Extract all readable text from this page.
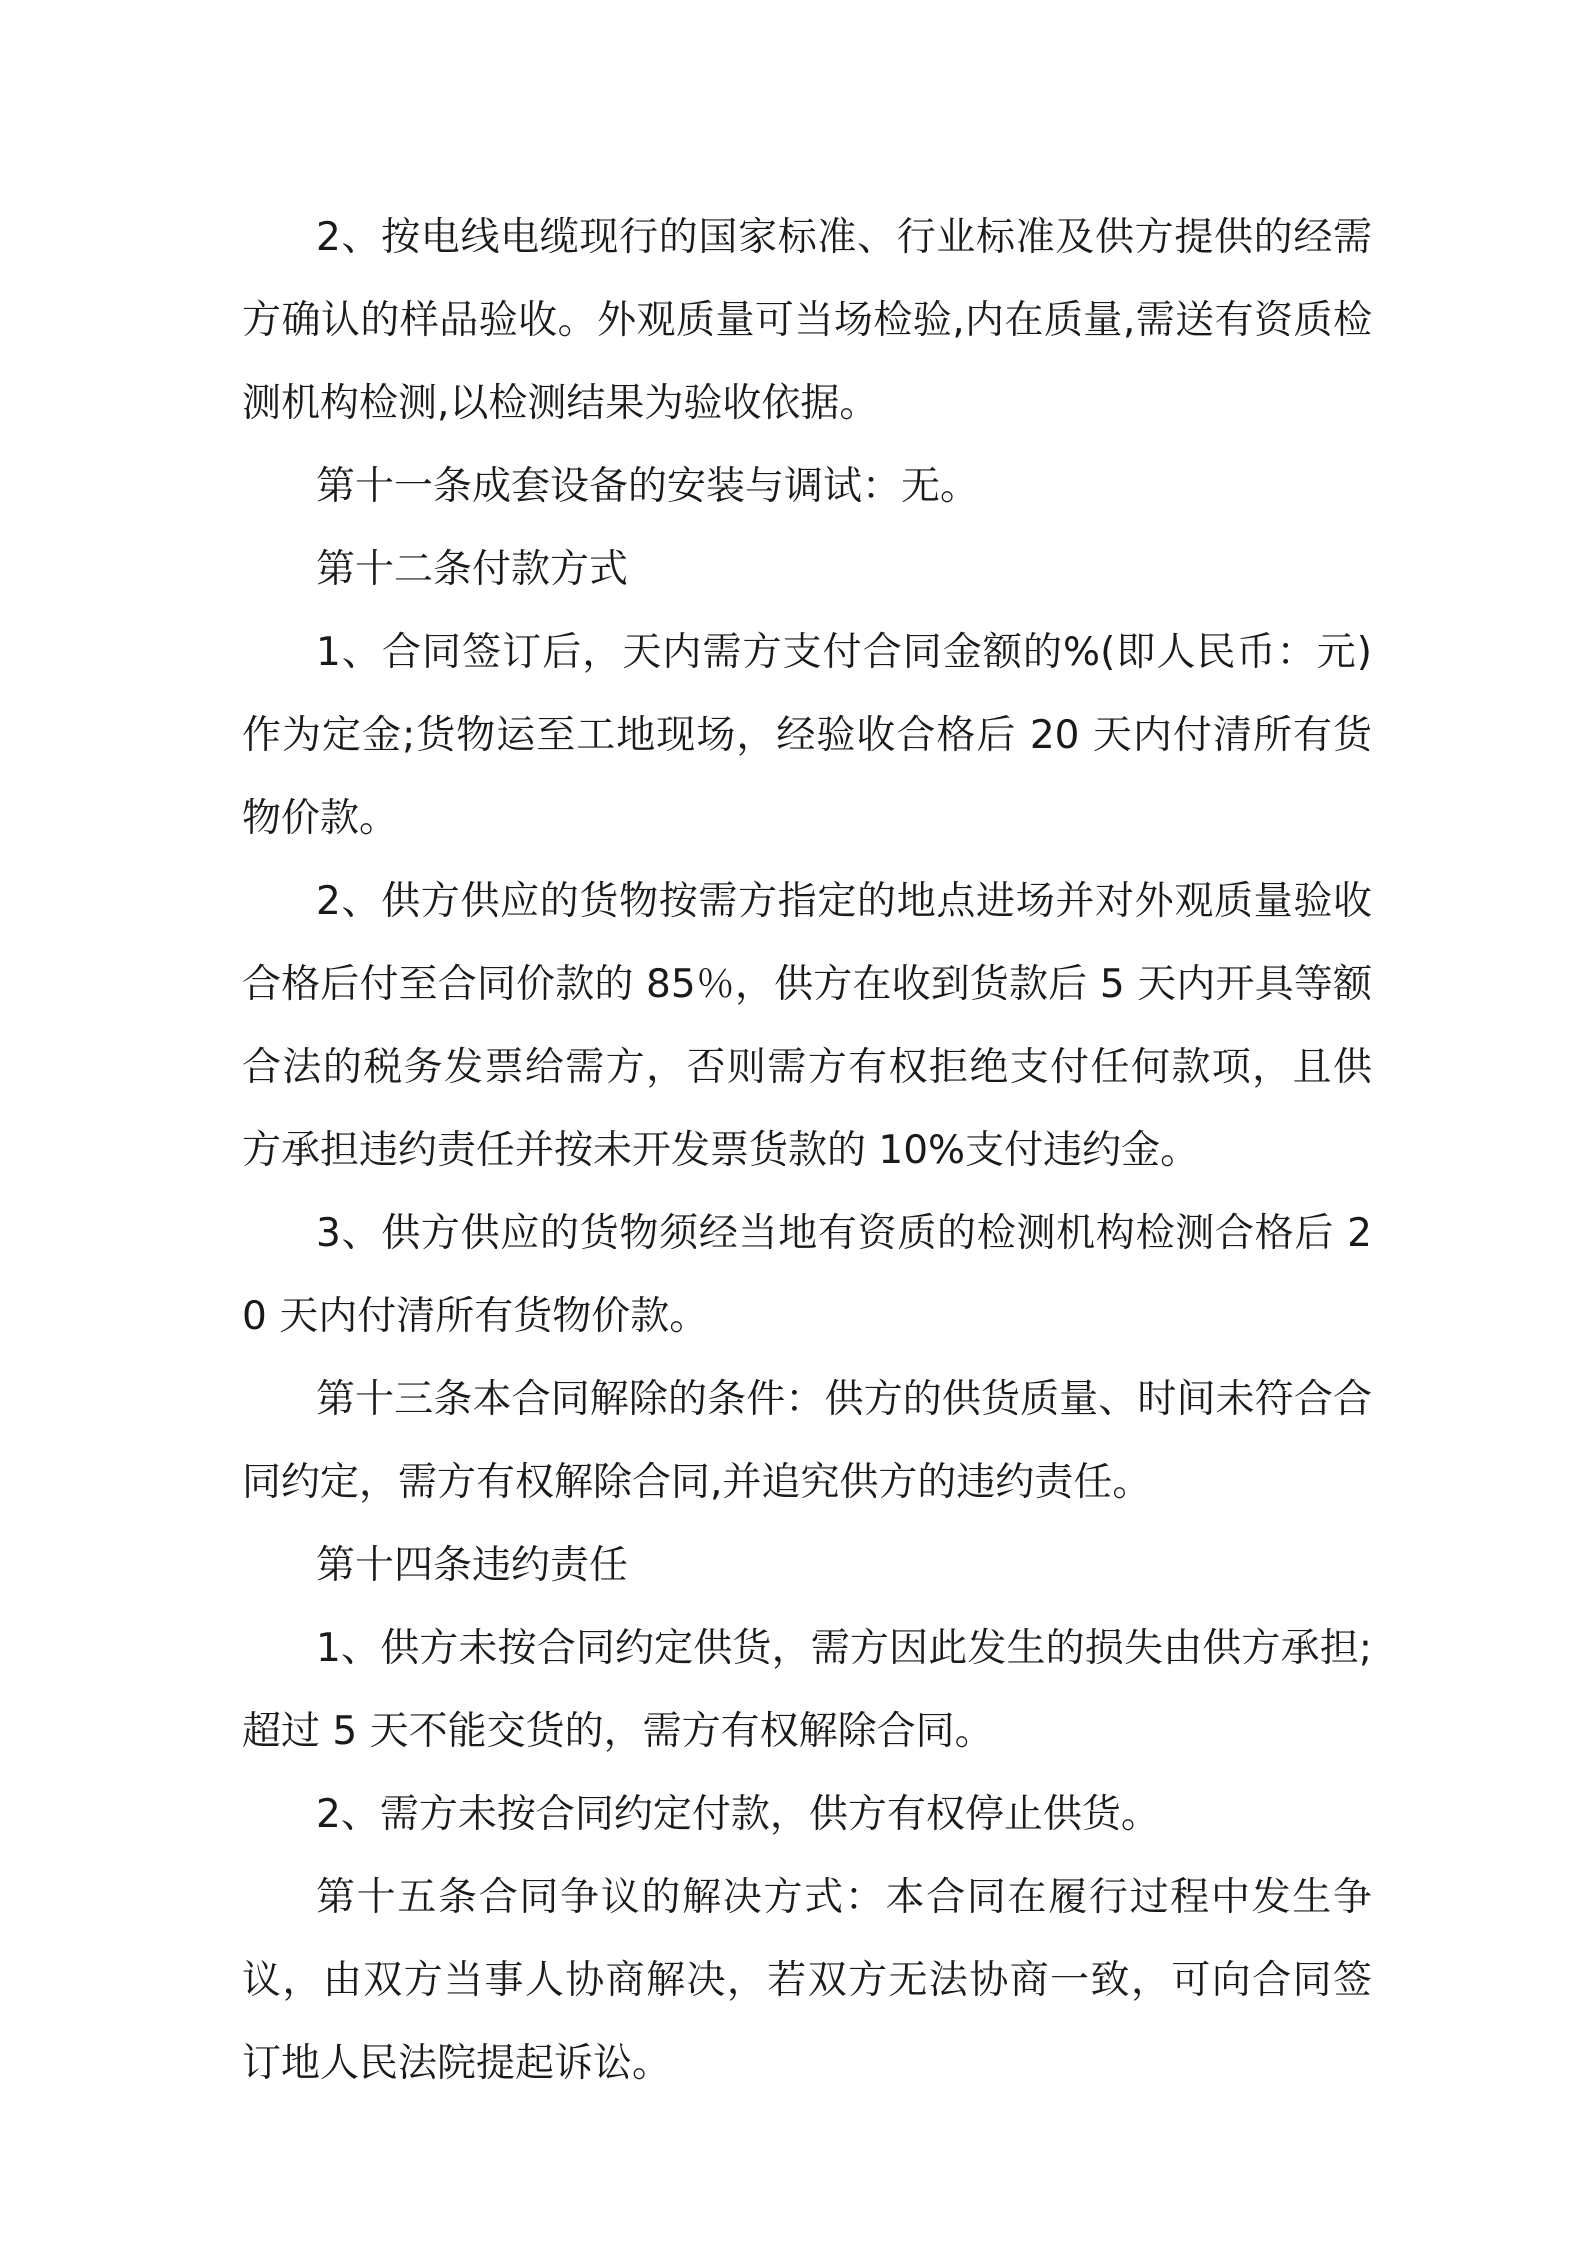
2、按电线电缆现行的国家标准、行业标准及供方提供的经需方确认的样品验收。外观质量可当场检验,内在质量,需送有资质检测机构检测,以检测结果为验收依据。

第十一条成套设备的安装与调试：无。

第十二条付款方式

1、合同签订后，天内需方支付合同金额的%(即人民币：元)作为定金;货物运至工地现场，经验收合格后 20 天内付清所有货物价款。

2、供方供应的货物按需方指定的地点进场并对外观质量验收合格后付至合同价款的 85％，供方在收到货款后 5 天内开具等额合法的税务发票给需方，否则需方有权拒绝支付任何款项，且供方承担违约责任并按未开发票货款的 10%支付违约金。

3、供方供应的货物须经当地有资质的检测机构检测合格后 20 天内付清所有货物价款。

第十三条本合同解除的条件：供方的供货质量、时间未符合合同约定，需方有权解除合同,并追究供方的违约责任。

第十四条违约责任

1、供方未按合同约定供货，需方因此发生的损失由供方承担;超过 5 天不能交货的，需方有权解除合同。

2、需方未按合同约定付款，供方有权停止供货。

第十五条合同争议的解决方式：本合同在履行过程中发生争议，由双方当事人协商解决，若双方无法协商一致，可向合同签订地人民法院提起诉讼。
